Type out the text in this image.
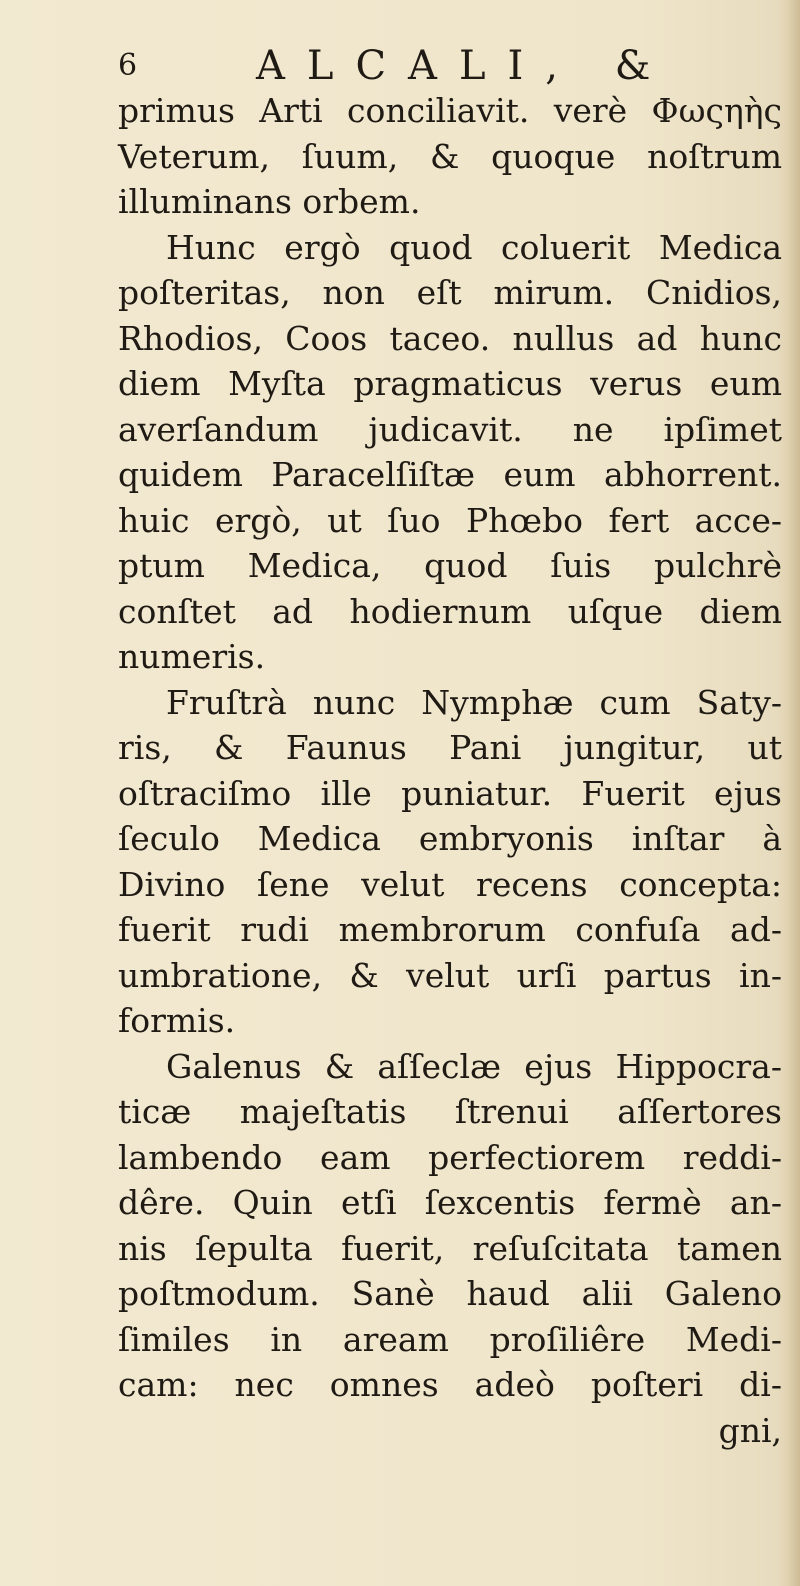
6	ALCALI, &
primus Arti conciliavit. verè Φωςηὴς
Veterum, ſuum, & quoque noſtrum
illuminans orbem.
Hunc ergò quod coluerit Medica
poſteritas, non eſt mirum. Cnidios,
Rhodios, Coos taceo. nullus ad hunc
diem Myſta pragmaticus verus eum
averſandum judicavit. ne ipſimet
quidem Paracelſiſtæ eum abhorrent.
huic ergò, ut ſuo Phœbo fert acce-
ptum Medica, quod ſuis pulchrè
conſtet ad hodiernum uſque diem
numeris.
Fruſtrà nunc Nymphæ cum Saty-
ris, & Faunus Pani jungitur, ut
oſtraciſmo ille puniatur. Fuerit ejus
ſeculo Medica embryonis inſtar à
Divino ſene velut recens concepta:
fuerit rudi membrorum confuſa ad-
umbratione, & velut urſi partus in-
formis.
Galenus & aſſeclæ ejus Hippocra-
ticæ majeſtatis ſtrenui aſſertores
lambendo eam perfectiorem reddi-
dêre. Quin etſi ſexcentis fermè an-
nis ſepulta fuerit, reſuſcitata tamen
poſtmodum. Sanè haud alii Galeno
ſimiles in aream proſiliêre Medi-
cam: nec omnes adeò poſteri di-
gni,
